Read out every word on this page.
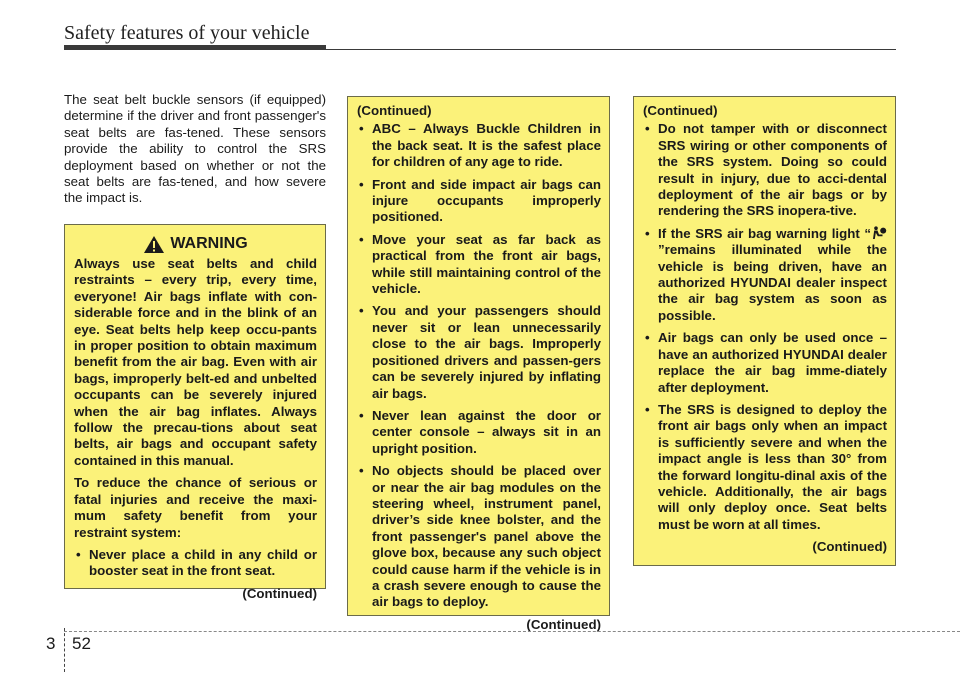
Safety features of your vehicle

The seat belt buckle sensors (if equipped) determine if the driver and front passenger's seat belts are fas-tened. These sensors provide the ability to control the SRS deployment based on whether or not the seat belts are fas-tened, and how severe the impact is.

WARNING

Always use seat belts and child restraints – every trip, every time, everyone! Air bags inflate with con-siderable force and in the blink of an eye. Seat belts help keep occu-pants in proper position to obtain maximum benefit from the air bag. Even with air bags, improperly belt-ed and unbelted occupants can be severely injured when the air bag inflates. Always follow the precau-tions about seat belts, air bags and occupant safety contained in this manual.

To reduce the chance of serious or fatal injuries and receive the maxi-mum safety benefit from your restraint system:

• Never place a child in any child or booster seat in the front seat.

(Continued)

(Continued)

• ABC – Always Buckle Children in the back seat. It is the safest place for children of any age to ride.
• Front and side impact air bags can injure occupants improperly positioned.
• Move your seat as far back as practical from the front air bags, while still maintaining control of the vehicle.
• You and your passengers should never sit or lean unnecessarily close to the air bags. Improperly positioned drivers and passen-gers can be severely injured by inflating air bags.
• Never lean against the door or center console – always sit in an upright position.
• No objects should be placed over or near the air bag modules on the steering wheel, instrument panel, driver’s side knee bolster, and the front passenger's panel above the glove box, because any such object could cause harm if the vehicle is in a crash severe enough to cause the air bags to deploy.

(Continued)

(Continued)

• Do not tamper with or disconnect SRS wiring or other components of the SRS system. Doing so could result in injury, due to acci-dental deployment of the air bags or by rendering the SRS inopera-tive.
• If the SRS air bag warning light “”remains illuminated while the vehicle is being driven, have an authorized HYUNDAI dealer inspect the air bag system as soon as possible.
• Air bags can only be used once – have an authorized HYUNDAI dealer replace the air bag imme-diately after deployment.
• The SRS is designed to deploy the front air bags only when an impact is sufficiently severe and when the impact angle is less than 30° from the forward longitu-dinal axis of the vehicle. Additionally, the air bags will only deploy once. Seat belts must be worn at all times.

(Continued)

3 52
